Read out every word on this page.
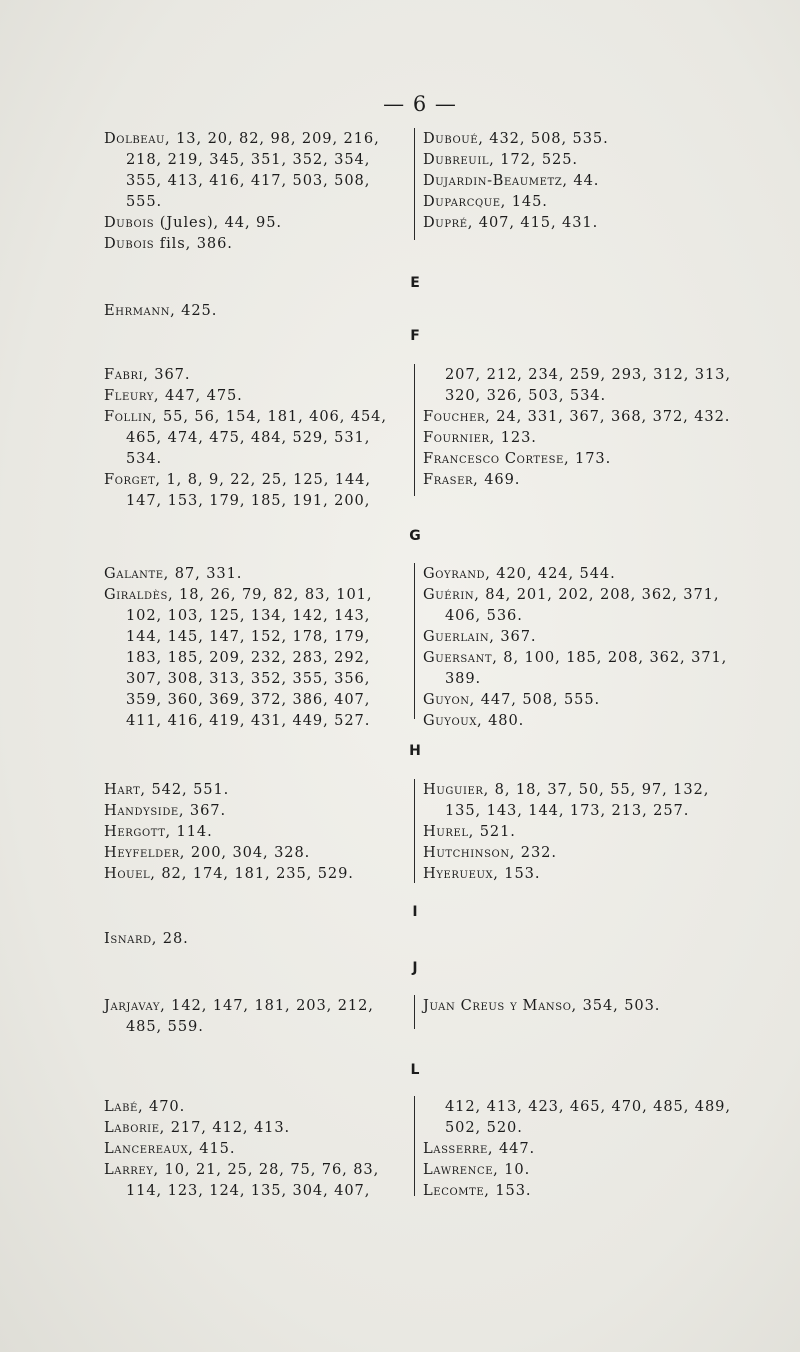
— 6 —
Dolbeau, 13, 20, 82, 98, 209, 216, 218, 219, 345, 351, 352, 354, 355, 413, 416, 417, 503, 508, 555.
Dubois (Jules), 44, 95.
Dubois fils, 386.
Duboué, 432, 508, 535.
Dubreuil, 172, 525.
Dujardin-Beaumetz, 44.
Duparcque, 145.
Dupré, 407, 415, 431.
E
Ehrmann, 425.
F
Fabri, 367.
Fleury, 447, 475.
Follin, 55, 56, 154, 181, 406, 454, 465, 474, 475, 484, 529, 531, 534.
Forget, 1, 8, 9, 22, 25, 125, 144, 147, 153, 179, 185, 191, 200,
207, 212, 234, 259, 293, 312, 313, 320, 326, 503, 534.
Foucher, 24, 331, 367, 368, 372, 432.
Fournier, 123.
Francesco Cortese, 173.
Fraser, 469.
G
Galante, 87, 331.
Giraldès, 18, 26, 79, 82, 83, 101, 102, 103, 125, 134, 142, 143, 144, 145, 147, 152, 178, 179, 183, 185, 209, 232, 283, 292, 307, 308, 313, 352, 355, 356, 359, 360, 369, 372, 386, 407, 411, 416, 419, 431, 449, 527.
Goyrand, 420, 424, 544.
Guérin, 84, 201, 202, 208, 362, 371, 406, 536.
Guerlain, 367.
Guersant, 8, 100, 185, 208, 362, 371, 389.
Guyon, 447, 508, 555.
Guyoux, 480.
H
Hart, 542, 551.
Handyside, 367.
Hergott, 114.
Heyfelder, 200, 304, 328.
Houel, 82, 174, 181, 235, 529.
Huguier, 8, 18, 37, 50, 55, 97, 132, 135, 143, 144, 173, 213, 257.
Hurel, 521.
Hutchinson, 232.
Hyerueux, 153.
I
Isnard, 28.
J
Jarjavay, 142, 147, 181, 203, 212, 485, 559.
Juan Creus y Manso, 354, 503.
L
Labé, 470.
Laborie, 217, 412, 413.
Lancereaux, 415.
Larrey, 10, 21, 25, 28, 75, 76, 83, 114, 123, 124, 135, 304, 407,
412, 413, 423, 465, 470, 485, 489, 502, 520.
Lasserre, 447.
Lawrence, 10.
Lecomte, 153.
